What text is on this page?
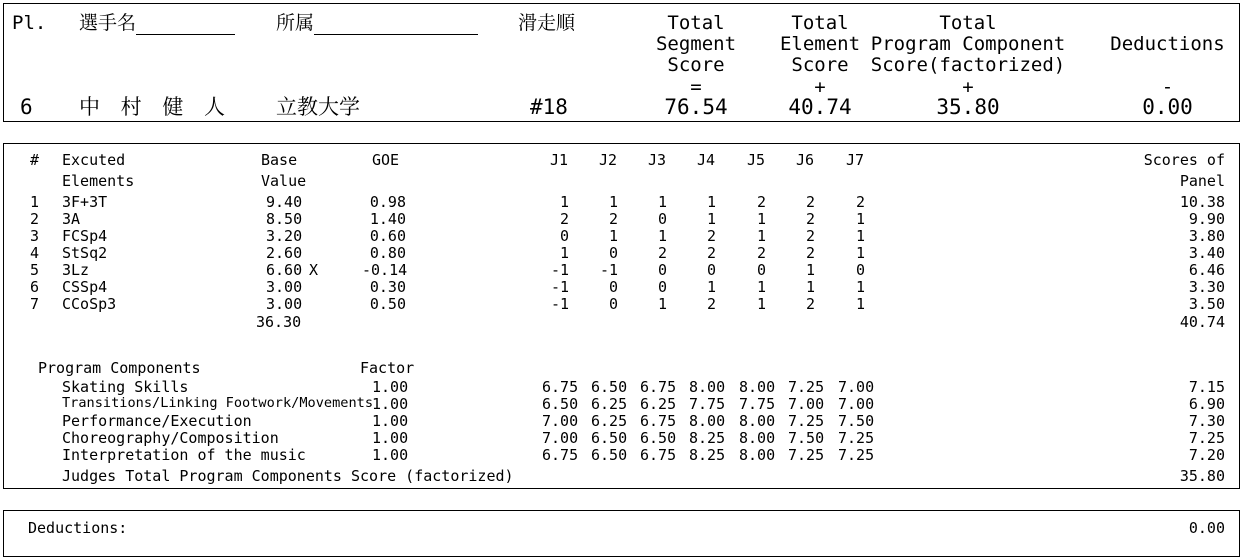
Pl. 選手名	所属	滑走順	Total
Segment
Score
Total
Element
Score
Total
Program Component
Score(factorized)
Deductions
=	+	+	-
6 中 村 健 人 立教大学	#18	76.54	40.74	35.80	0.00
# Excuted
Elements
Base
Value
GOE	J1	J2	J3	J4	J5	J6	J7	Scores of
Panel
1 3F+3T	9.40	0.98	1	1	1	1	2	2	2	10.38
2 3A	8.50	1.40	2	2	0	1	1	2	1	9.90
3 FCSp4	3.20	0.60	0	1	1	2	1	2	1	3.80
4 StSq2	2.60	0.80	1	0	2	2	2	2	1	3.40
5 3Lz	6.60 X	-0.14	-1	-1	0	0	0	1	0	6.46
6 CSSp4	3.00	0.30	-1	0	0	1	1	1	1	3.30
7 CCoSp3	3.00	0.50	-1	0	1	2	1	2	1	3.50
36.30	40.74
Program Components	Factor
Skating Skills	1.00	6.75 6.50 6.75 8.00 8.00 7.25 7.00	7.15
Transitions/Linking Footwork/Movements 1.00	6.50 6.25 6.25 7.75 7.75 7.00 7.00	6.90
Performance/Execution	1.00	7.00 6.25 6.75 8.00 8.00 7.25 7.50	7.30
Choreography/Composition	1.00	7.00 6.50 6.50 8.25 8.00 7.50 7.25	7.25
Interpretation of the music	1.00	6.75 6.50 6.75 8.25 8.00 7.25 7.25	7.20
Judges Total Program Components Score (factorized)	35.80
Deductions:	0.00
